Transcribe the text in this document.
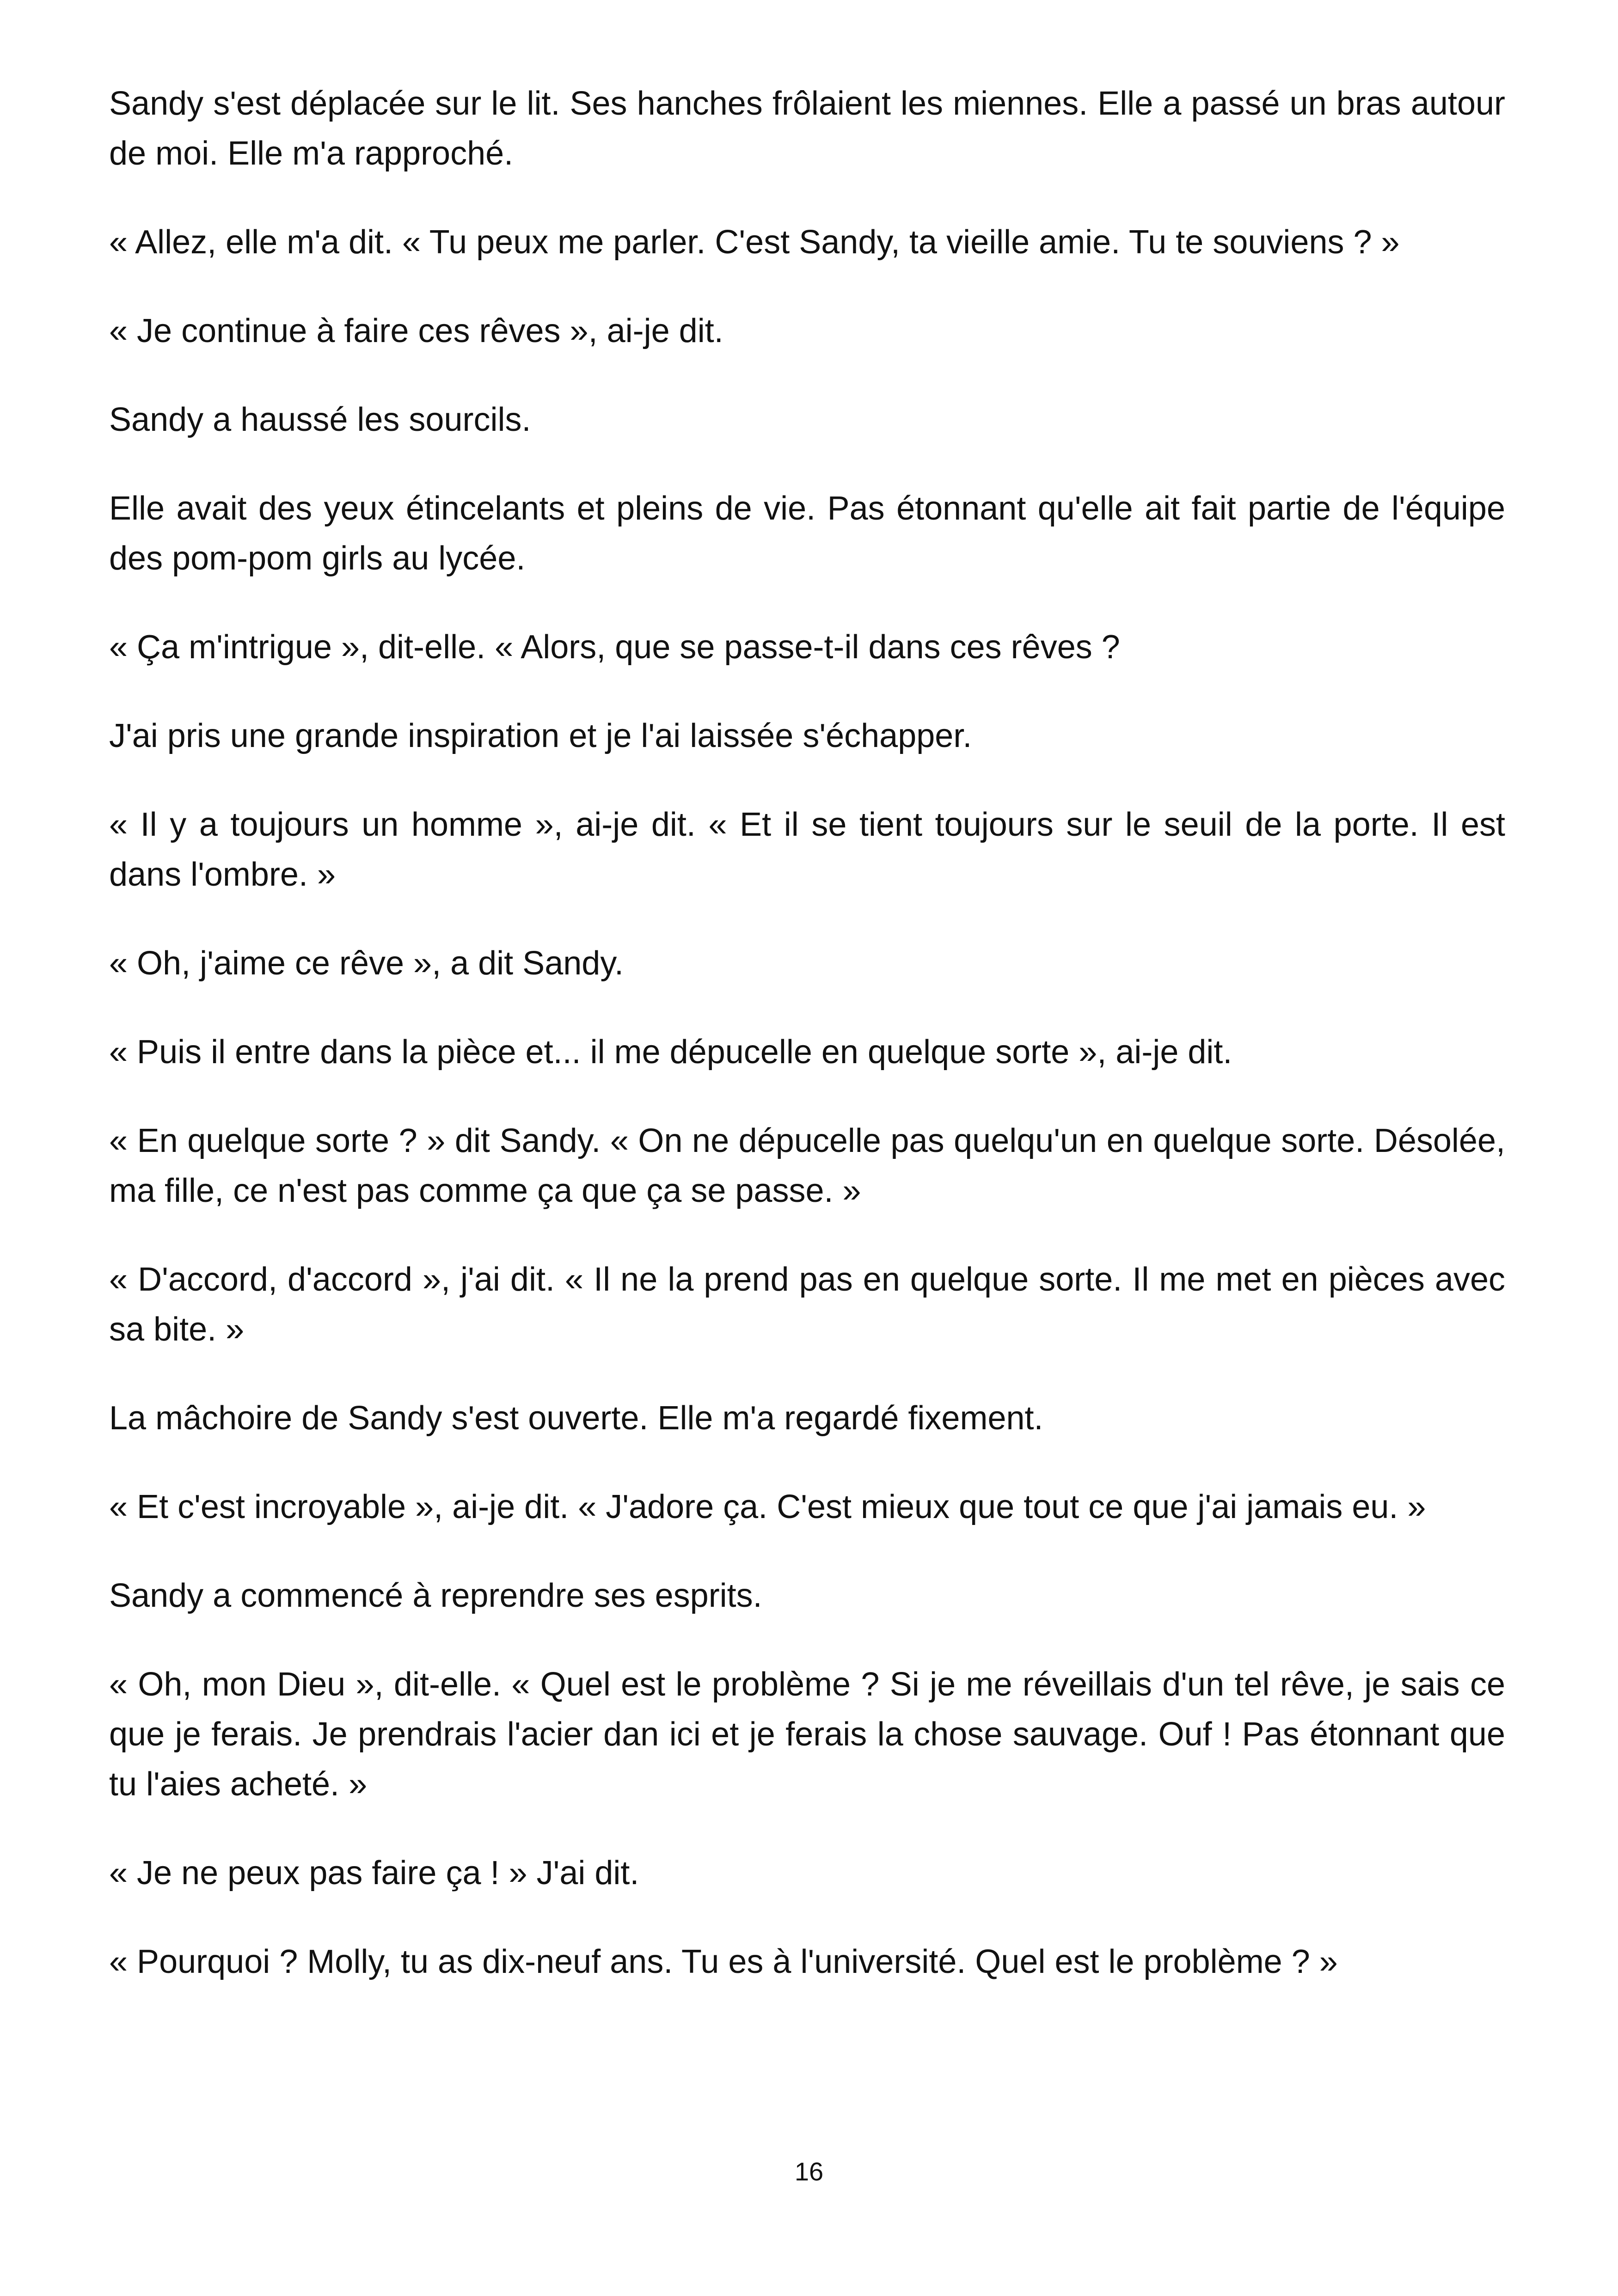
Sandy s'est déplacée sur le lit. Ses hanches frôlaient les miennes. Elle a passé un bras autour de moi. Elle m'a rapproché.

« Allez, elle m'a dit. « Tu peux me parler. C'est Sandy, ta vieille amie. Tu te souviens ? »

« Je continue à faire ces rêves », ai-je dit.

Sandy a haussé les sourcils.

Elle avait des yeux étincelants et pleins de vie. Pas étonnant qu'elle ait fait partie de l'équipe des pom-pom girls au lycée.

« Ça m'intrigue », dit-elle. « Alors, que se passe-t-il dans ces rêves ?

J'ai pris une grande inspiration et je l'ai laissée s'échapper.

« Il y a toujours un homme », ai-je dit. « Et il se tient toujours sur le seuil de la porte. Il est dans l'ombre. »

« Oh, j'aime ce rêve », a dit Sandy.

« Puis il entre dans la pièce et... il me dépucelle en quelque sorte », ai-je dit.

« En quelque sorte ? » dit Sandy. « On ne dépucelle pas quelqu'un en quelque sorte. Désolée, ma fille, ce n'est pas comme ça que ça se passe. »

« D'accord, d'accord », j'ai dit. « Il ne la prend pas en quelque sorte. Il me met en pièces avec sa bite. »

La mâchoire de Sandy s'est ouverte. Elle m'a regardé fixement.

« Et c'est incroyable », ai-je dit. « J'adore ça. C'est mieux que tout ce que j'ai jamais eu. »

Sandy a commencé à reprendre ses esprits.

« Oh, mon Dieu », dit-elle. « Quel est le problème ? Si je me réveillais d'un tel rêve, je sais ce que je ferais. Je prendrais l'acier dan ici et je ferais la chose sauvage. Ouf ! Pas étonnant que tu l'aies acheté. »

« Je ne peux pas faire ça ! » J'ai dit.

« Pourquoi ? Molly, tu as dix-neuf ans. Tu es à l'université. Quel est le problème ? »

16
